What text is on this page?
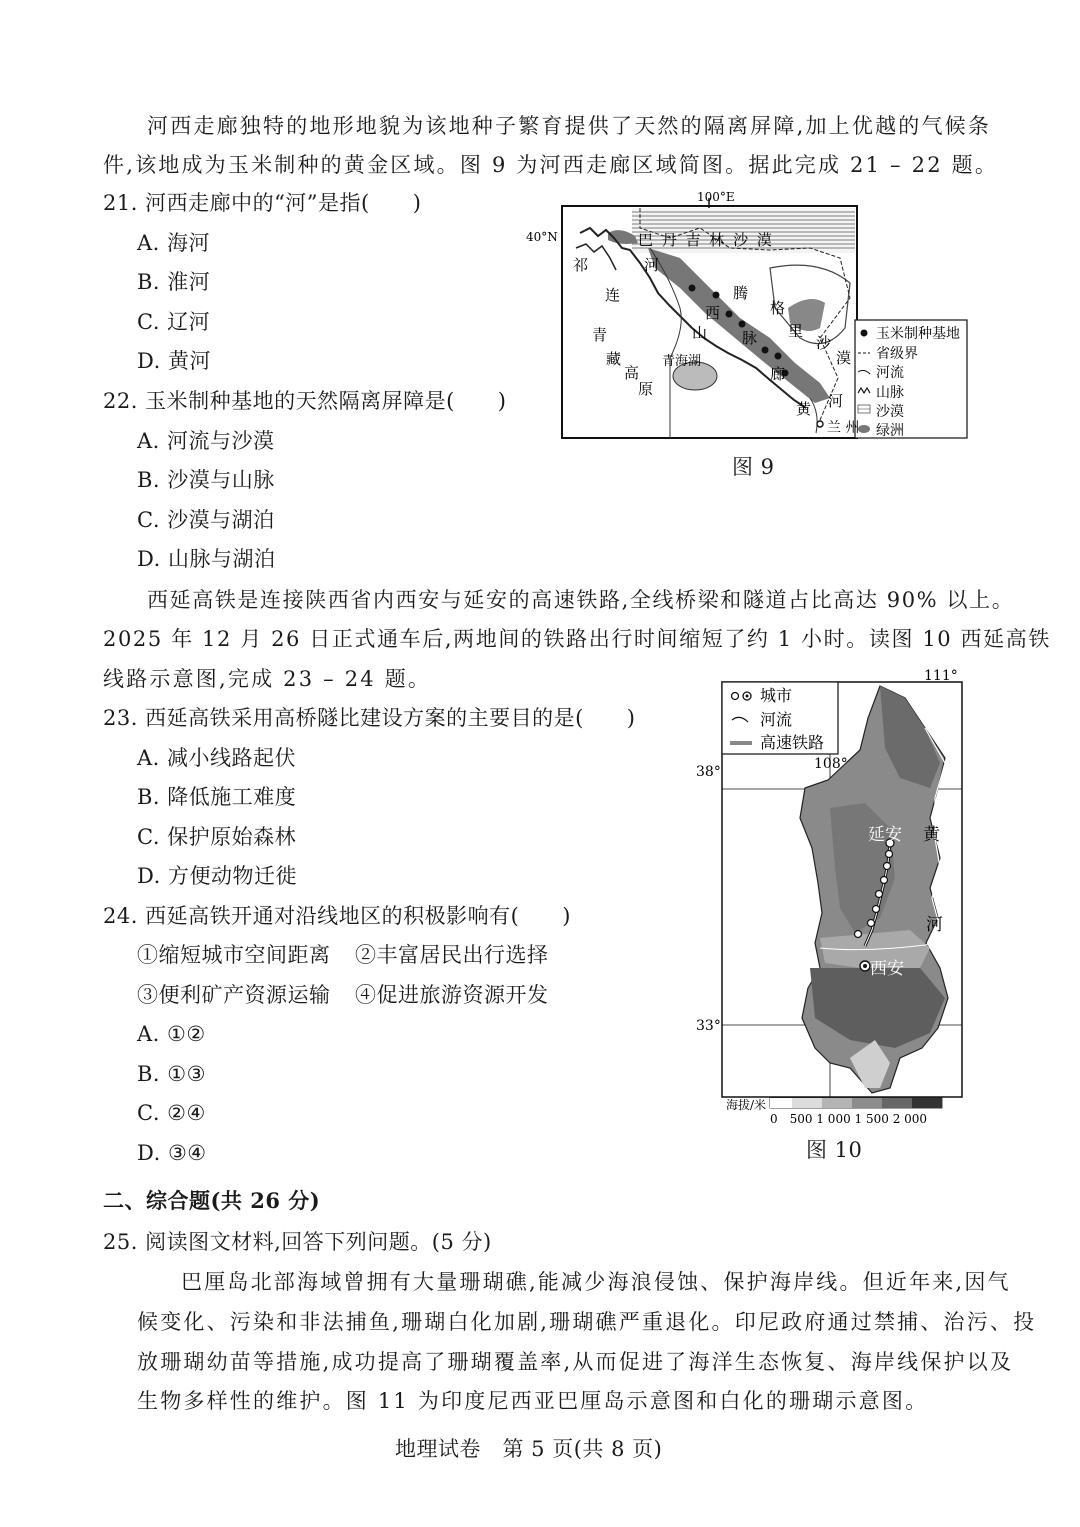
河西走廊独特的地形地貌为该地种子繁育提供了天然的隔离屏障,加上优越的气候条
件,该地成为玉米制种的黄金区域。图 9 为河西走廊区域简图。据此完成 21 – 22 题。
21. 河西走廊中的“河”是指(　　)
A. 海河
B. 淮河
C. 辽河
D. 黄河
22. 玉米制种基地的天然隔离屏障是(　　)
A. 河流与沙漠
B. 沙漠与山脉
C. 沙漠与湖泊
D. 山脉与湖泊
100°E
40°N	巴 丹 吉 林 沙 漠
祁	河
连
西
山 脉
腾
格
里
沙
漠
廊
青
藏
高
原
青海湖
黄 河
兰 州
玉米制种基地
省级界
河流
山脉
沙漠
绿洲
图 9
西延高铁是连接陕西省内西安与延安的高速铁路,全线桥梁和隧道占比高达 90% 以上。
2025 年 12 月 26 日正式通车后,两地间的铁路出行时间缩短了约 1 小时。读图 10 西延高铁
线路示意图,完成 23 – 24 题。
23. 西延高铁采用高桥隧比建设方案的主要目的是(　　)
A. 减小线路起伏
B. 降低施工难度
C. 保护原始森林
D. 方便动物迁徙
24. 西延高铁开通对沿线地区的积极影响有(　　)
①缩短城市空间距离 ②丰富居民出行选择
③便利矿产资源运输 ④促进旅游资源开发
A. ①②
B. ①③
C. ②④
D. ③④
城市
河流
高速铁路
111°
108°
38°
33°
延安
西安
黄
河
海拔/米
0　500 1 000 1 500 2 000
图 10
二、综合题(共 26 分)
25. 阅读图文材料,回答下列问题。(5 分)
巴厘岛北部海域曾拥有大量珊瑚礁,能减少海浪侵蚀、保护海岸线。但近年来,因气
候变化、污染和非法捕鱼,珊瑚白化加剧,珊瑚礁严重退化。印尼政府通过禁捕、治污、投
放珊瑚幼苗等措施,成功提高了珊瑚覆盖率,从而促进了海洋生态恢复、海岸线保护以及
生物多样性的维护。图 11 为印度尼西亚巴厘岛示意图和白化的珊瑚示意图。
地理试卷　第 5 页(共 8 页)
